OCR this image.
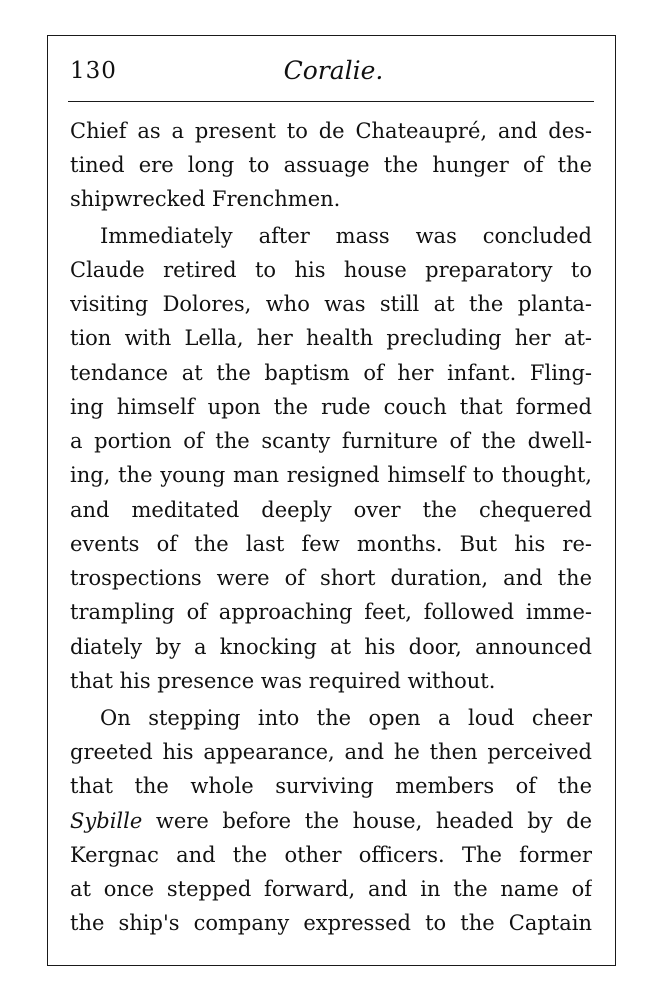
130	Coralie.
Chief as a present to de Chateaupré, and des-
tined ere long to assuage the hunger of the
shipwrecked Frenchmen.
Immediately after mass was concluded
Claude retired to his house preparatory to
visiting Dolores, who was still at the planta-
tion with Lella, her health precluding her at-
tendance at the baptism of her infant. Fling-
ing himself upon the rude couch that formed
a portion of the scanty furniture of the dwell-
ing, the young man resigned himself to thought,
and meditated deeply over the chequered
events of the last few months. But his re-
trospections were of short duration, and the
trampling of approaching feet, followed imme-
diately by a knocking at his door, announced
that his presence was required without.
On stepping into the open a loud cheer
greeted his appearance, and he then perceived
that the whole surviving members of the
Sybille were before the house, headed by de
Kergnac and the other officers. The former
at once stepped forward, and in the name of
the ship's company expressed to the Captain
